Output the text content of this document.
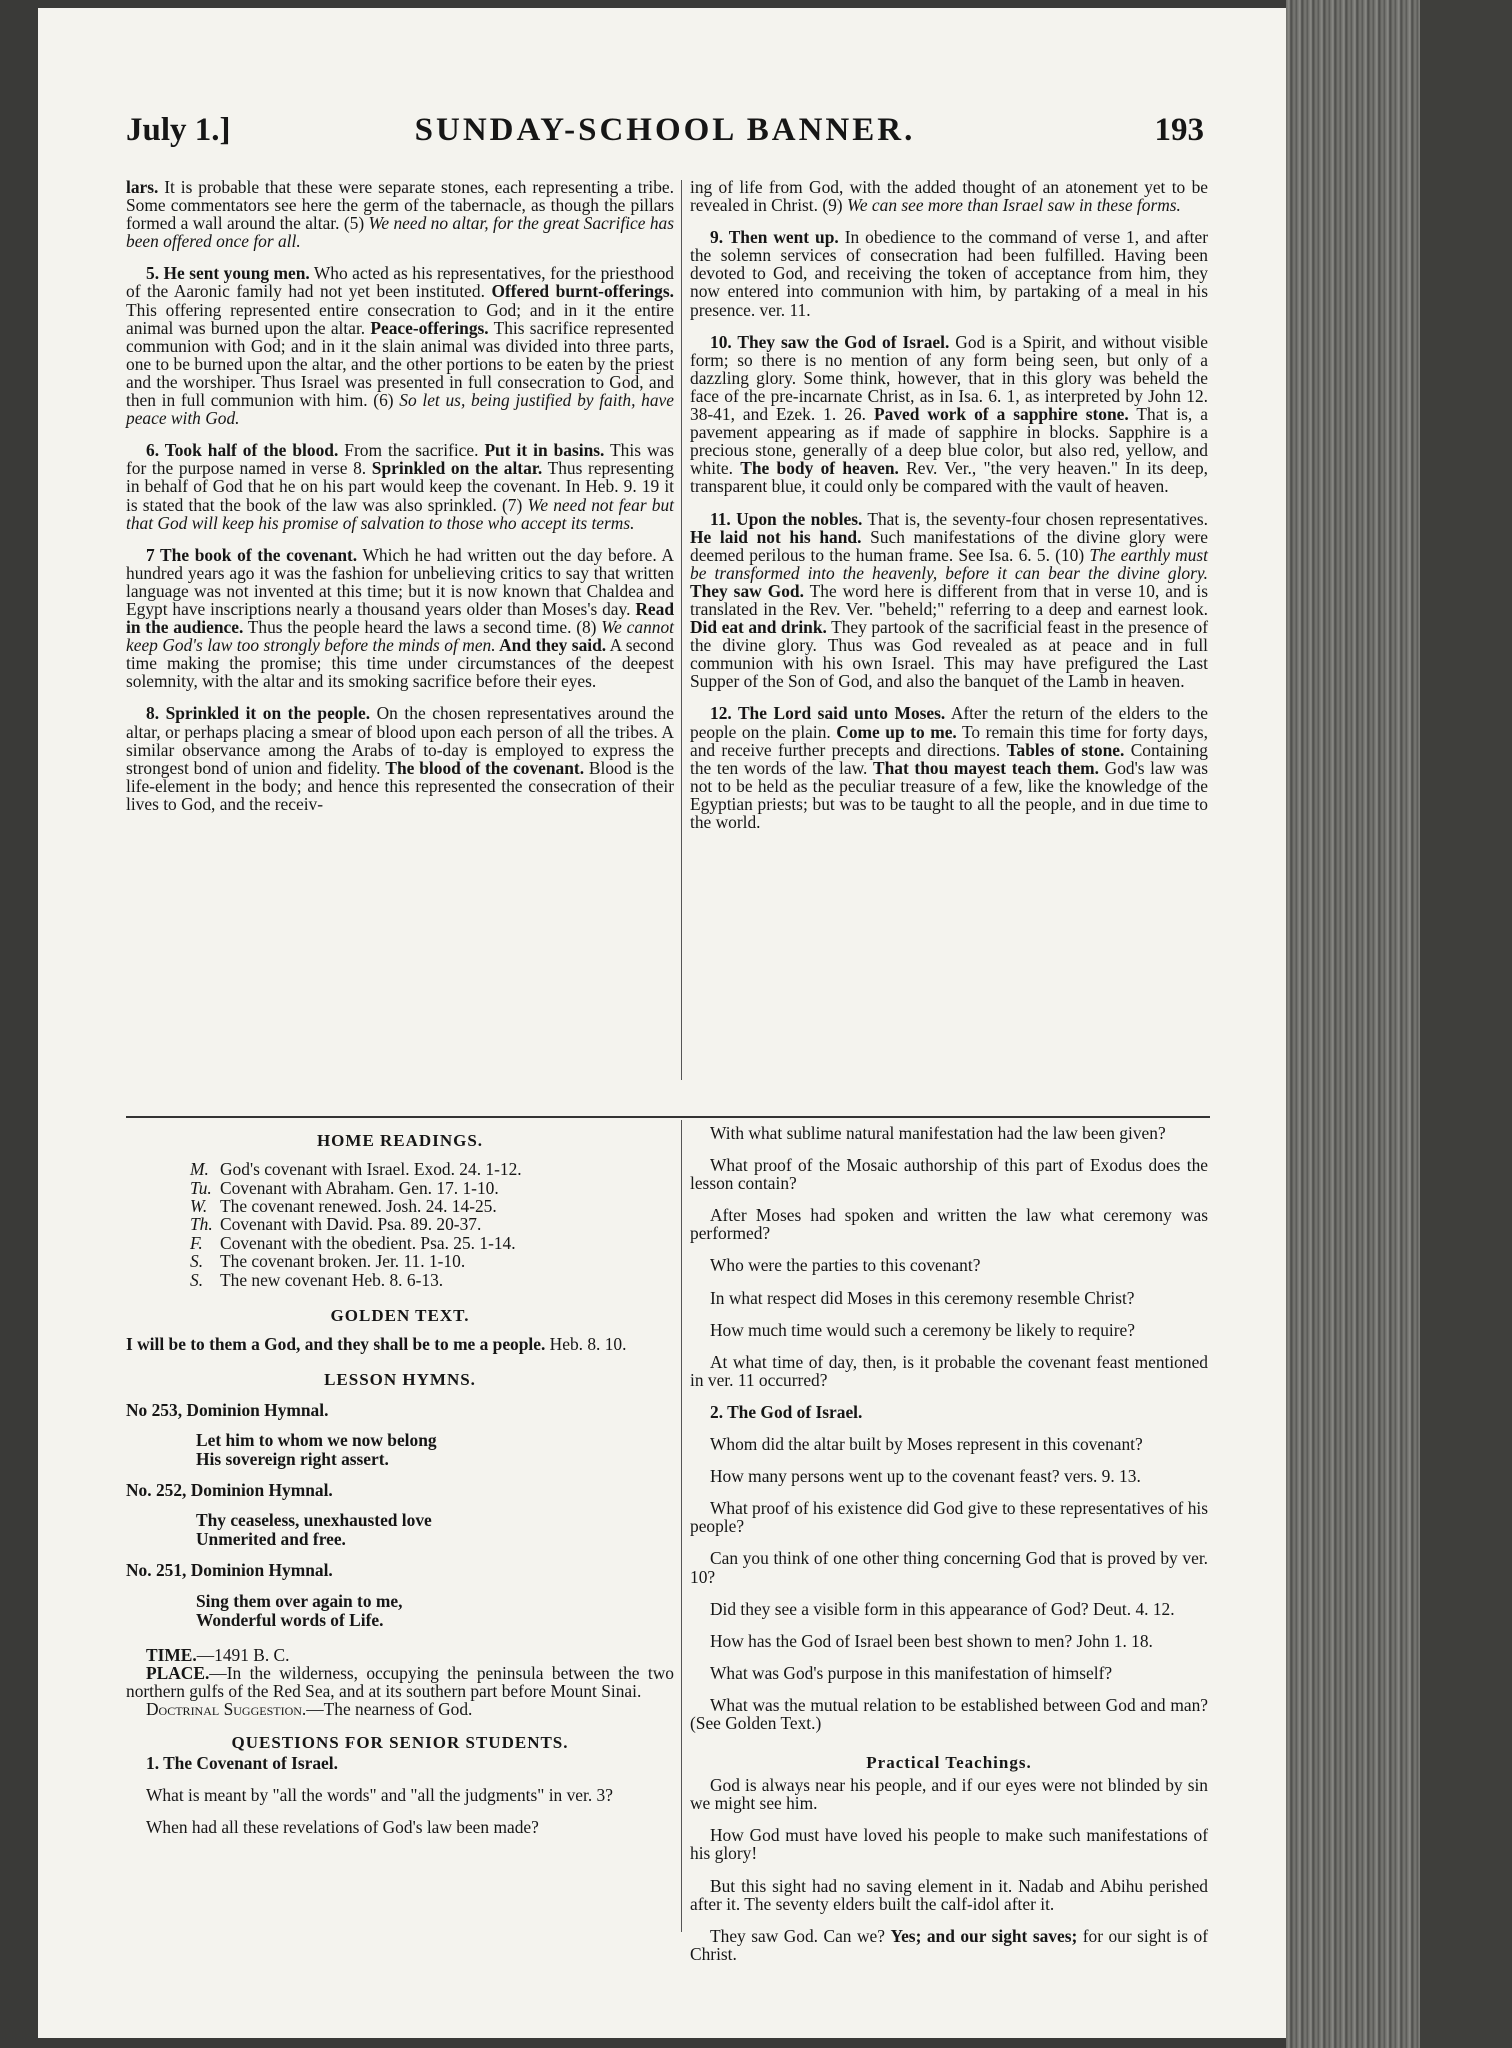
July 1.]	SUNDAY-SCHOOL BANNER.	193

lars. It is probable that these were separate stones, each representing a tribe. Some commentators see here the germ of the tabernacle, as though the pillars formed a wall around the altar. (5) We need no altar, for the great Sacrifice has been offered once for all.

5. He sent young men. Who acted as his representatives, for the priesthood of the Aaronic family had not yet been instituted. Offered burnt-offerings. This offering represented entire consecration to God; and in it the entire animal was burned upon the altar. Peace-offerings. This sacrifice represented communion with God; and in it the slain animal was divided into three parts, one to be burned upon the altar, and the other portions to be eaten by the priest and the worshiper. Thus Israel was presented in full consecration to God, and then in full communion with him. (6) So let us, being justified by faith, have peace with God.

6. Took half of the blood. From the sacrifice. Put it in basins. This was for the purpose named in verse 8. Sprinkled on the altar. Thus representing in behalf of God that he on his part would keep the covenant. In Heb. 9. 19 it is stated that the book of the law was also sprinkled. (7) We need not fear but that God will keep his promise of salvation to those who accept its terms.

7 The book of the covenant. Which he had written out the day before. A hundred years ago it was the fashion for unbelieving critics to say that written language was not invented at this time; but it is now known that Chaldea and Egypt have inscriptions nearly a thousand years older than Moses's day. Read in the audience. Thus the people heard the laws a second time. (8) We cannot keep God's law too strongly before the minds of men. And they said. A second time making the promise; this time under circumstances of the deepest solemnity, with the altar and its smoking sacrifice before their eyes.

8. Sprinkled it on the people. On the chosen representatives around the altar, or perhaps placing a smear of blood upon each person of all the tribes. A similar observance among the Arabs of to-day is employed to express the strongest bond of union and fidelity. The blood of the covenant. Blood is the life-element in the body; and hence this represented the consecration of their lives to God, and the receiv-

ing of life from God, with the added thought of an atonement yet to be revealed in Christ. (9) We can see more than Israel saw in these forms.

9. Then went up. In obedience to the command of verse 1, and after the solemn services of consecration had been fulfilled. Having been devoted to God, and receiving the token of acceptance from him, they now entered into communion with him, by partaking of a meal in his presence. ver. 11.

10. They saw the God of Israel. God is a Spirit, and without visible form; so there is no mention of any form being seen, but only of a dazzling glory. Some think, however, that in this glory was beheld the face of the pre-incarnate Christ, as in Isa. 6. 1, as interpreted by John 12. 38-41, and Ezek. 1. 26. Paved work of a sapphire stone. That is, a pavement appearing as if made of sapphire in blocks. Sapphire is a precious stone, generally of a deep blue color, but also red, yellow, and white. The body of heaven. Rev. Ver., "the very heaven." In its deep, transparent blue, it could only be compared with the vault of heaven.

11. Upon the nobles. That is, the seventy-four chosen representatives. He laid not his hand. Such manifestations of the divine glory were deemed perilous to the human frame. See Isa. 6. 5. (10) The earthly must be transformed into the heavenly, before it can bear the divine glory. They saw God. The word here is different from that in verse 10, and is translated in the Rev. Ver. "beheld;" referring to a deep and earnest look. Did eat and drink. They partook of the sacrificial feast in the presence of the divine glory. Thus was God revealed as at peace and in full communion with his own Israel. This may have prefigured the Last Supper of the Son of God, and also the banquet of the Lamb in heaven.

12. The Lord said unto Moses. After the return of the elders to the people on the plain. Come up to me. To remain this time for forty days, and receive further precepts and directions. Tables of stone. Containing the ten words of the law. That thou mayest teach them. God's law was not to be held as the peculiar treasure of a few, like the knowledge of the Egyptian priests; but was to be taught to all the people, and in due time to the world.

HOME READINGS.
M. God's covenant with Israel. Exod. 24. 1-12.
Tu. Covenant with Abraham. Gen. 17. 1-10.
W. The covenant renewed. Josh. 24. 14-25.
Th. Covenant with David. Psa. 89. 20-37.
F. Covenant with the obedient. Psa. 25. 1-14.
S. The covenant broken. Jer. 11. 1-10.
S. The new covenant Heb. 8. 6-13.
GOLDEN TEXT.

I will be to them a God, and they shall be to me a people. Heb. 8. 10.

LESSON HYMNS.
No 253, Dominion Hymnal.
Let him to whom we now belong
His sovereign right assert.
No. 252, Dominion Hymnal.
Thy ceaseless, unexhausted love
Unmerited and free.
No. 251, Dominion Hymnal.
Sing them over again to me,
Wonderful words of Life.

TIME.—1491 B. C.

PLACE.—In the wilderness, occupying the peninsula between the two northern gulfs of the Red Sea, and at its southern part before Mount Sinai.

Doctrinal Suggestion.—The nearness of God.

QUESTIONS FOR SENIOR STUDENTS.

1. The Covenant of Israel.

What is meant by "all the words" and "all the judgments" in ver. 3?

When had all these revelations of God's law been made?

With what sublime natural manifestation had the law been given?

What proof of the Mosaic authorship of this part of Exodus does the lesson contain?

After Moses had spoken and written the law what ceremony was performed?

Who were the parties to this covenant?

In what respect did Moses in this ceremony resemble Christ?

How much time would such a ceremony be likely to require?

At what time of day, then, is it probable the covenant feast mentioned in ver. 11 occurred?

2. The God of Israel.

Whom did the altar built by Moses represent in this covenant?

How many persons went up to the covenant feast? vers. 9. 13.

What proof of his existence did God give to these representatives of his people?

Can you think of one other thing concerning God that is proved by ver. 10?

Did they see a visible form in this appearance of God? Deut. 4. 12.

How has the God of Israel been best shown to men? John 1. 18.

What was God's purpose in this manifestation of himself?

What was the mutual relation to be established between God and man? (See Golden Text.)

Practical Teachings.

God is always near his people, and if our eyes were not blinded by sin we might see him.

How God must have loved his people to make such manifestations of his glory!

But this sight had no saving element in it. Nadab and Abihu perished after it. The seventy elders built the calf-idol after it.

They saw God. Can we? Yes; and our sight saves; for our sight is of Christ.
